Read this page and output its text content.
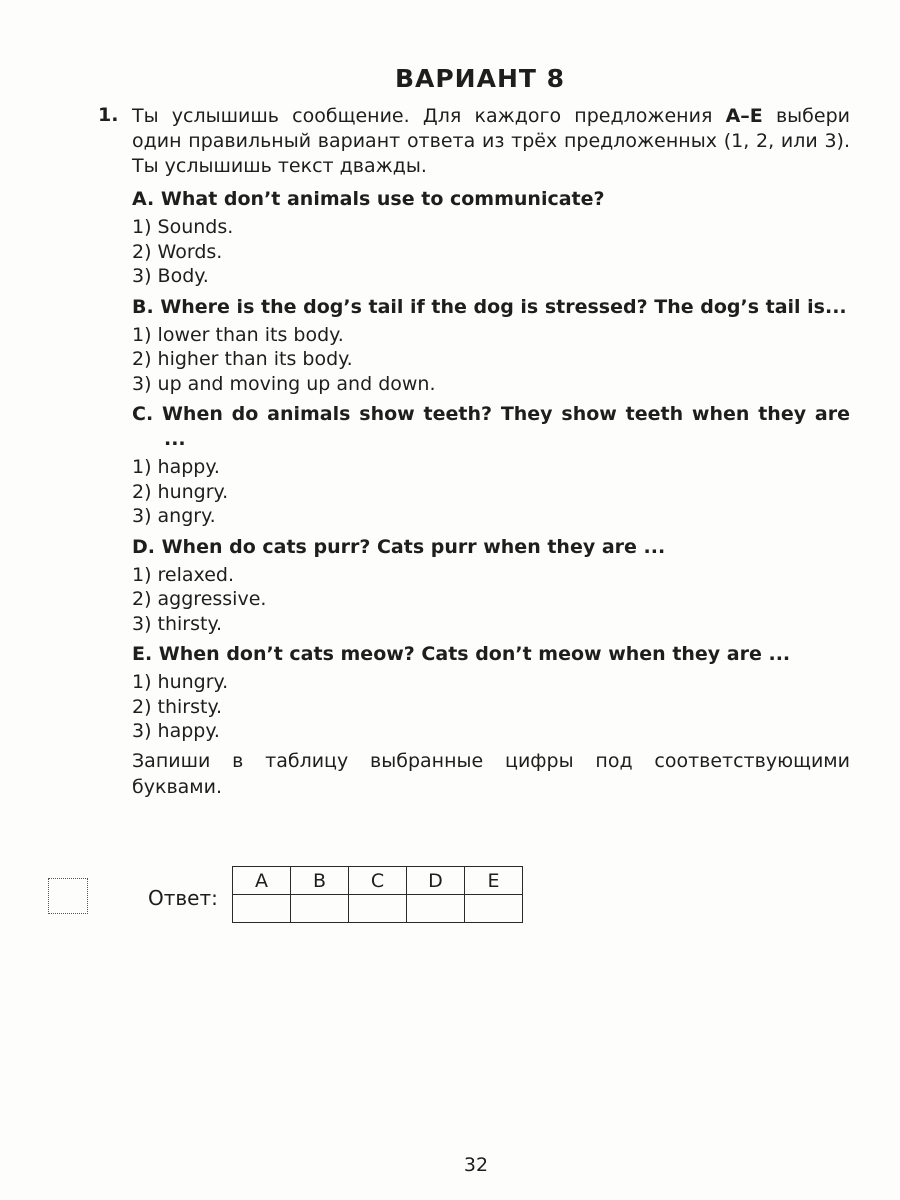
ВАРИАНТ 8
1. Ты услышишь сообщение. Для каждого предложения A–E выбери один правильный вариант ответа из трёх предложенных (1, 2, или 3). Ты услышишь текст дважды.
A. What don’t animals use to communicate?
1) Sounds.
2) Words.
3) Body.
B. Where is the dog’s tail if the dog is stressed? The dog’s tail is...
1) lower than its body.
2) higher than its body.
3) up and moving up and down.
C. When do animals show teeth? They show teeth when they are ...
1) happy.
2) hungry.
3) angry.
D. When do cats purr? Cats purr when they are ...
1) relaxed.
2) aggressive.
3) thirsty.
E. When don’t cats meow? Cats don’t meow when they are ...
1) hungry.
2) thirsty.
3) happy.
Запиши в таблицу выбранные цифры под соответствующими буквами.
Ответ:
A	B	C	D	E

32
